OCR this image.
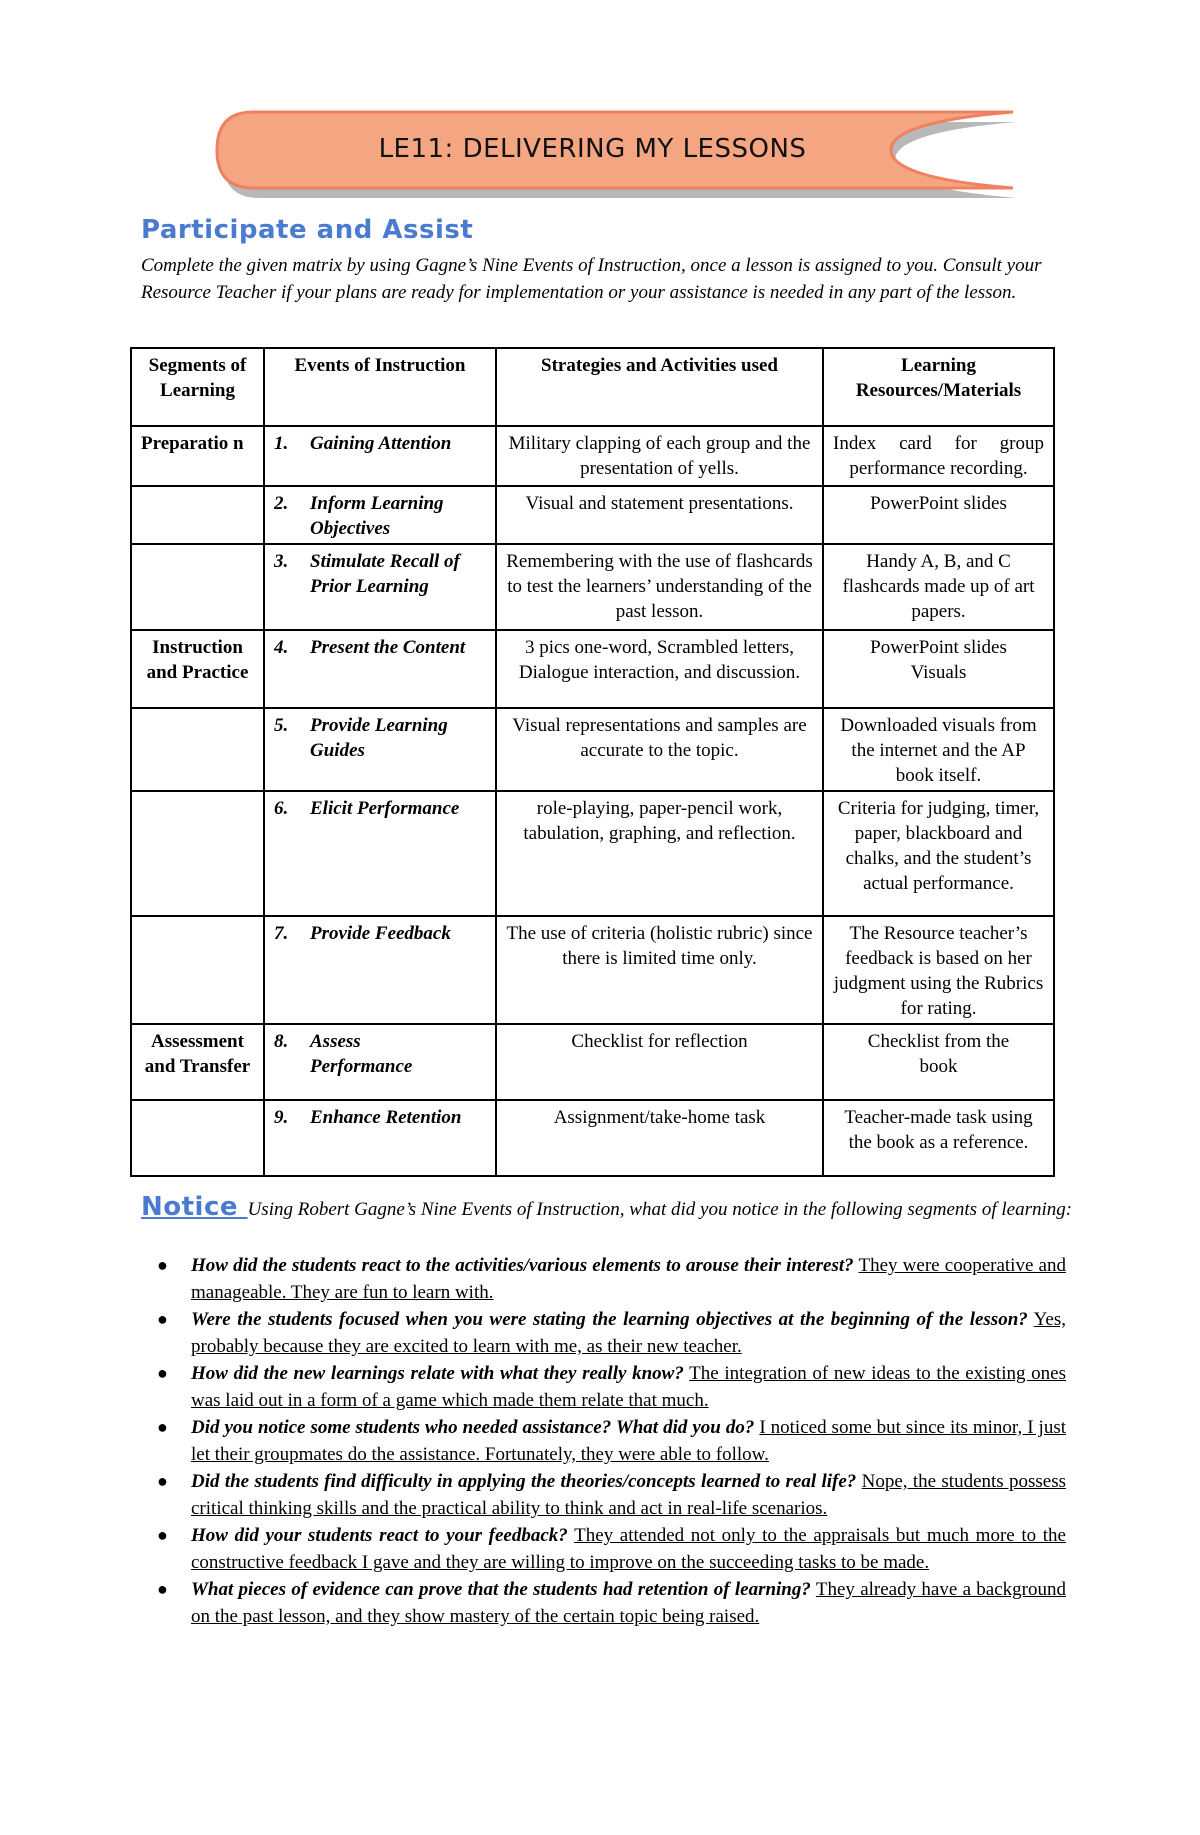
LE11: DELIVERING MY LESSONS
Participate and Assist
Complete the given matrix by using Gagne’s Nine Events of Instruction, once a lesson is assigned to you. Consult your Resource Teacher if your plans are ready for implementation or your assistance is needed in any part of the lesson.
Segments of Learning	Events of Instruction	Strategies and Activities used	Learning Resources/Materials
Preparatio n	1. Gaining Attention	Military clapping of each group and the presentation of yells.	Index card for group performance recording.

	2. Inform Learning Objectives	Visual and statement presentations.	PowerPoint slides

	3. Stimulate Recall of Prior Learning	Remembering with the use of flashcards to test the learners’ understanding of the past lesson.	Handy A, B, and C flashcards made up of art papers.
Instruction and Practice	4. Present the Content	3 pics one-word, Scrambled letters, Dialogue interaction, and discussion.	PowerPoint slides Visuals

	5. Provide Learning Guides	Visual representations and samples are accurate to the topic.	Downloaded visuals from the internet and the AP book itself.

	6. Elicit Performance	role-playing, paper-pencil work, tabulation, graphing, and reflection.	Criteria for judging, timer, paper, blackboard and chalks, and the student’s actual performance.

	7. Provide Feedback	The use of criteria (holistic rubric) since there is limited time only.	The Resource teacher’s feedback is based on her judgment using the Rubrics for rating.
Assessment and Transfer	8. Assess Performance	Checklist for reflection	Checklist from the book

	9. Enhance Retention	Assignment/take-home task	Teacher-made task using the book as a reference.
Notice Using Robert Gagne’s Nine Events of Instruction, what did you notice in the following segments of learning:
● How did the students react to the activities/various elements to arouse their interest? They were cooperative and manageable. They are fun to learn with.
● Were the students focused when you were stating the learning objectives at the beginning of the lesson? Yes, probably because they are excited to learn with me, as their new teacher.
● How did the new learnings relate with what they really know? The integration of new ideas to the existing ones was laid out in a form of a game which made them relate that much.
● Did you notice some students who needed assistance? What did you do? I noticed some but since its minor, I just let their groupmates do the assistance. Fortunately, they were able to follow.
● Did the students find difficulty in applying the theories/concepts learned to real life? Nope, the students possess critical thinking skills and the practical ability to think and act in real-life scenarios.
● How did your students react to your feedback? They attended not only to the appraisals but much more to the constructive feedback I gave and they are willing to improve on the succeeding tasks to be made.
● What pieces of evidence can prove that the students had retention of learning? They already have a background on the past lesson, and they show mastery of the certain topic being raised.
